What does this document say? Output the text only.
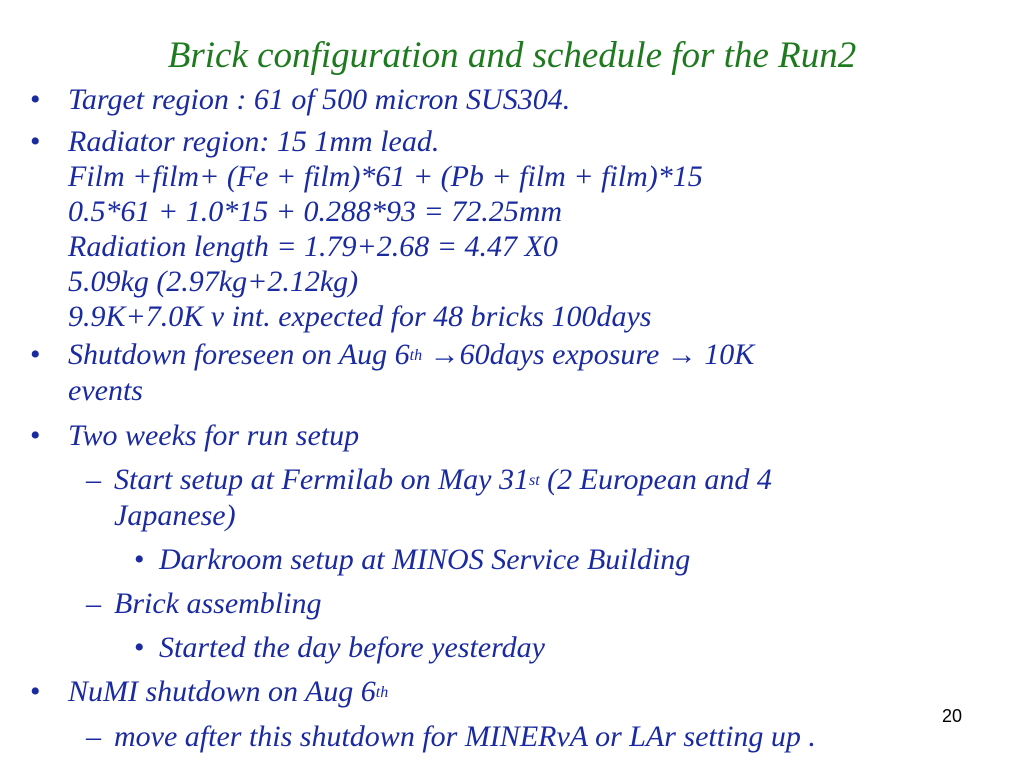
Brick configuration and schedule for the Run2
• Target region : 61 of 500 micron SUS304.
• Radiator region: 15 1mm lead.
Film +film+ (Fe + film)*61 + (Pb + film + film)*15
0.5*61 + 1.0*15 + 0.288*93 = 72.25mm
Radiation length = 1.79+2.68 = 4.47 X0
5.09kg (2.97kg+2.12kg)
9.9K+7.0K ν int. expected for 48 bricks 100days
• Shutdown foreseen on Aug 6th →60days exposure → 10K
events
• Two weeks for run setup
– Start setup at Fermilab on May 31st (2 European and 4
Japanese)
• Darkroom setup at MINOS Service Building
– Brick assembling
• Started the day before yesterday
• NuMI shutdown on Aug 6th
– move after this shutdown for MINERvA or LAr setting up .
20
